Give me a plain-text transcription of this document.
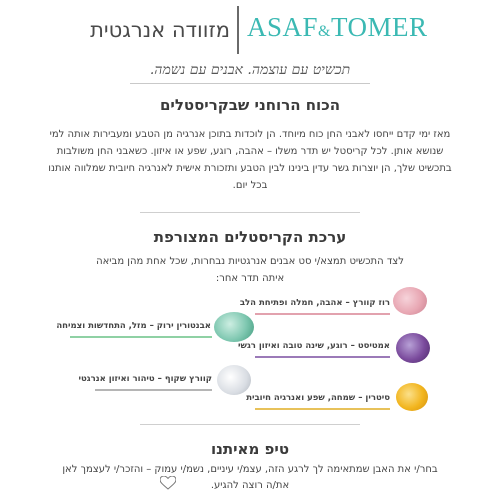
ASAF&TOMER
מזוודה אנרגטית
תכשיט עם עוצמה. אבנים עם נשמה.
הכוח הרוחני שבקריסטלים
מאז ימי קדם ייחסו לאבני החן כוח מיוחד. הן לוכדות בתוכן אנרגיה מן הטבע ומעבירות אותה למי שנושא אותן. לכל קריסטל יש תדר משלו – אהבה, רוגע, שפע או איזון. כשאבני החן משולבות בתכשיט שלך, הן יוצרות גשר עדין בינינו לבין הטבע ותזכורת אישית לאנרגיה חיובית שמלווה אותנו בכל יום.
ערכת הקריסטלים המצורפת
לצד התכשיט תמצא/י סט אבנים אנרגטיות נבחרות, שכל אחת מהן מביאה איתה תדר אחר:
רוז קוורץ – אהבה, חמלה ופתיחת הלב
אמטיסט – רוגע, שינה טובה ואיזון רגשי
סיטרין – שמחה, שפע ואנרגיה חיובית
אבנטורין ירוק – מזל, התחדשות וצמיחה
קוורץ שקוף – טיהור ואיזון אנרגטי
טיפ מאיתנו
בחר/י את האבן שמתאימה לך לרגע הזה, עצמ/י עיניים, נשמ/י עמוק – והזכר/י לעצמך לאן את/ה רוצה להגיע.
